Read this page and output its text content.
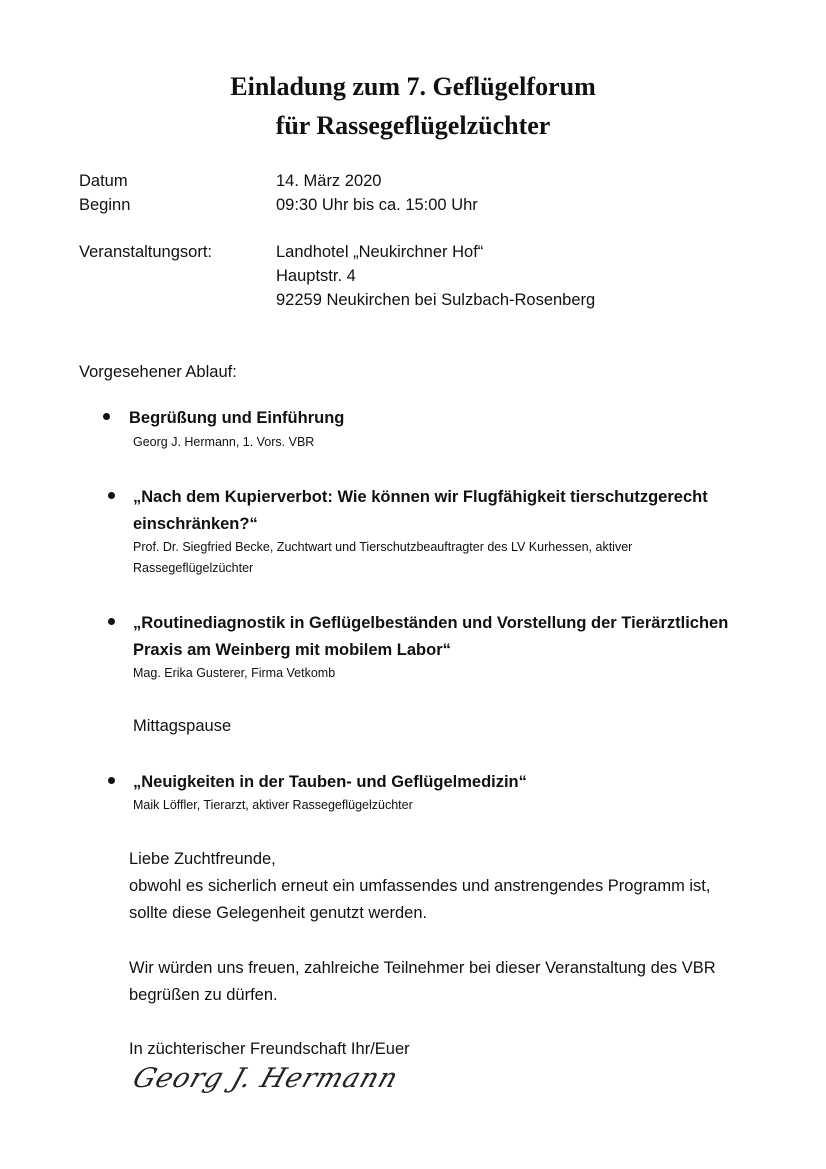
Einladung zum 7. Geflügelforum
für Rassegeflügelzüchter
Datum	14. März 2020
Beginn	09:30 Uhr bis ca. 15:00 Uhr
Veranstaltungsort:	Landhotel „Neukirchner Hof“
Hauptstr. 4
92259 Neukirchen bei Sulzbach-Rosenberg
Vorgesehener Ablauf:
Begrüßung und Einführung
Georg J. Hermann, 1. Vors. VBR
„Nach dem Kupierverbot: Wie können wir Flugfähigkeit tierschutzgerecht
einschränken?“
Prof. Dr. Siegfried Becke, Zuchtwart und Tierschutzbeauftragter des LV Kurhessen, aktiver
Rassegeflügelzüchter
„Routinediagnostik in Geflügelbeständen und Vorstellung der Tierärztlichen
Praxis am Weinberg mit mobilem Labor“
Mag. Erika Gusterer, Firma Vetkomb
Mittagspause
„Neuigkeiten in der Tauben- und Geflügelmedizin“
Maik Löffler, Tierarzt, aktiver Rassegeflügelzüchter
Liebe Zuchtfreunde,
obwohl es sicherlich erneut ein umfassendes und anstrengendes Programm ist,
sollte diese Gelegenheit genutzt werden.
Wir würden uns freuen, zahlreiche Teilnehmer bei dieser Veranstaltung des VBR
begrüßen zu dürfen.
In züchterischer Freundschaft Ihr/Euer
Georg J. Hermann
